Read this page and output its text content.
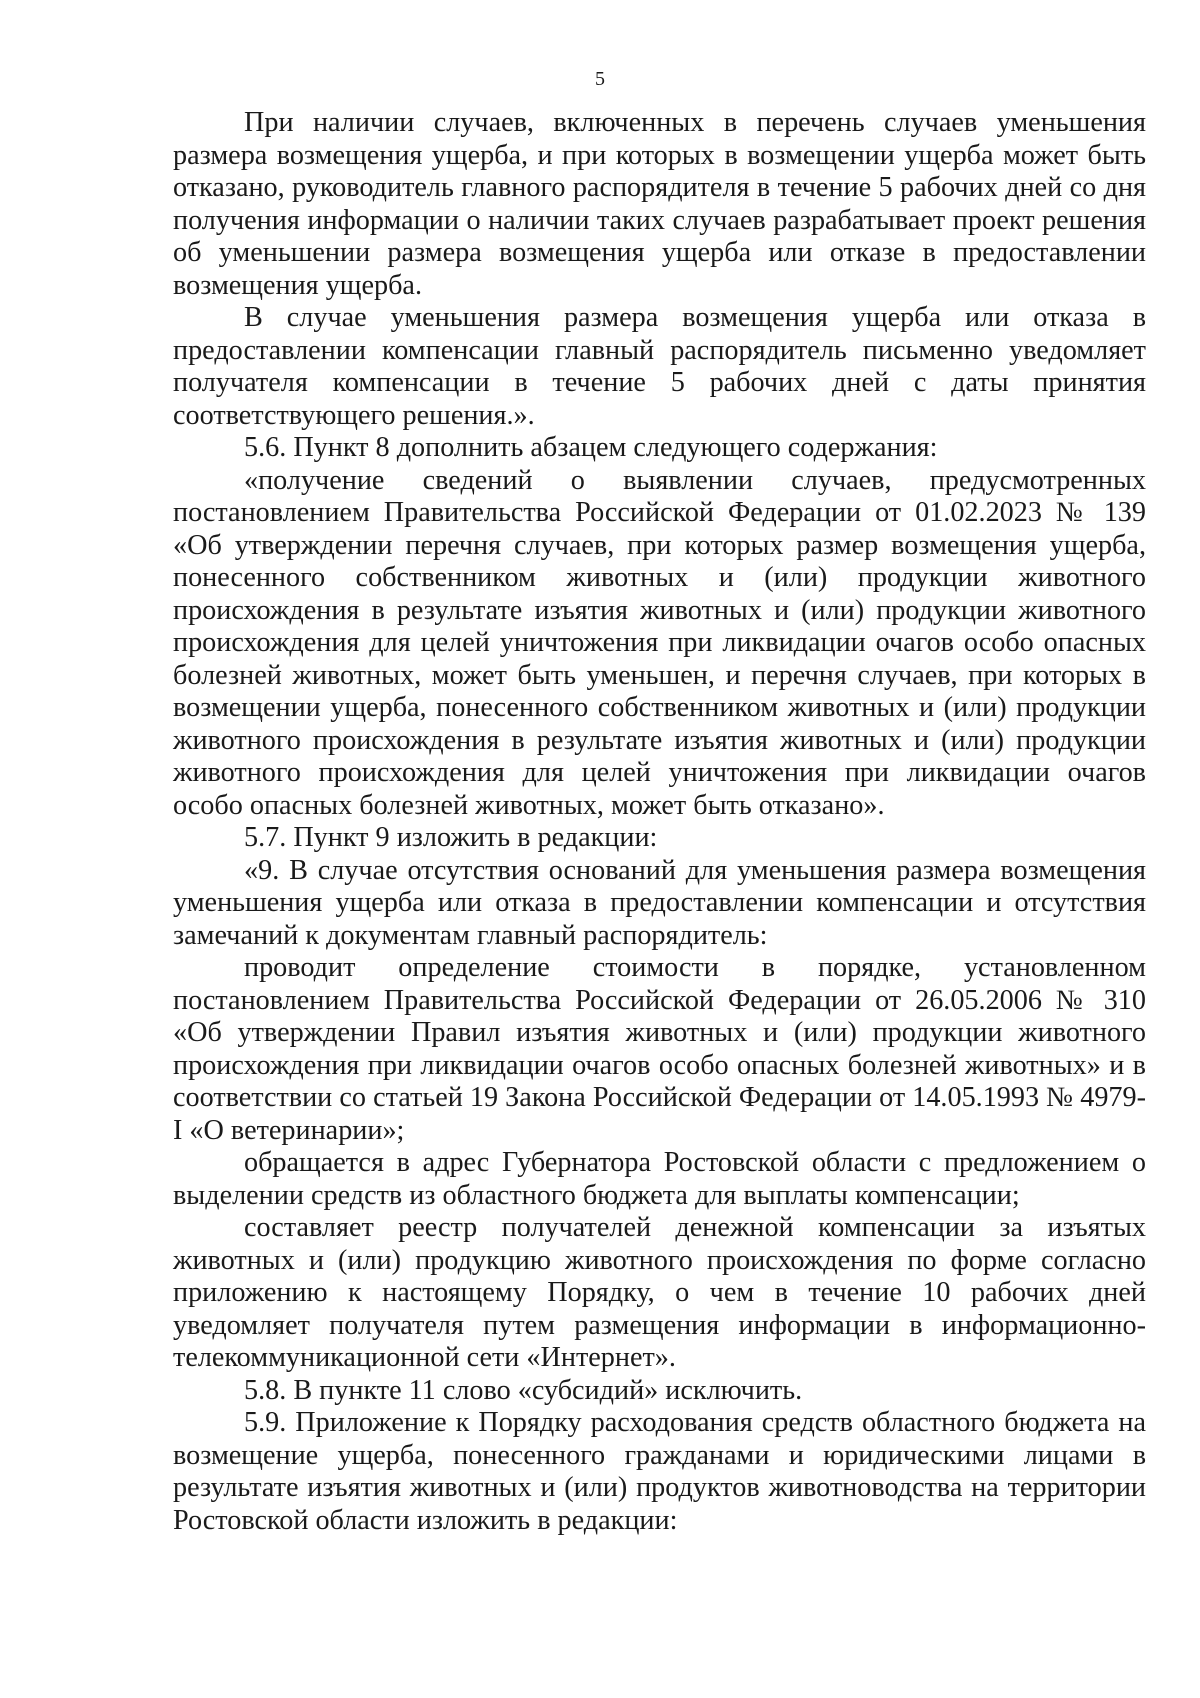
5

При наличии случаев, включенных в перечень случаев уменьшения размера возмещения ущерба, и при которых в возмещении ущерба может быть отказано, руководитель главного распорядителя в течение 5 рабочих дней со дня получения информации о наличии таких случаев разрабатывает проект решения об уменьшении размера возмещения ущерба или отказе в предоставлении возмещения ущерба.

В случае уменьшения размера возмещения ущерба или отказа в предоставлении компенсации главный распорядитель письменно уведомляет получателя компенсации в течение 5 рабочих дней с даты принятия соответствующего решения.».

5.6. Пункт 8 дополнить абзацем следующего содержания:

«получение сведений о выявлении случаев, предусмотренных постановлением Правительства Российской Федерации от 01.02.2023 № 139 «Об утверждении перечня случаев, при которых размер возмещения ущерба, понесенного собственником животных и (или) продукции животного происхождения в результате изъятия животных и (или) продукции животного происхождения для целей уничтожения при ликвидации очагов особо опасных болезней животных, может быть уменьшен, и перечня случаев, при которых в возмещении ущерба, понесенного собственником животных и (или) продукции животного происхождения в результате изъятия животных и (или) продукции животного происхождения для целей уничтожения при ликвидации очагов особо опасных болезней животных, может быть отказано».

5.7. Пункт 9 изложить в редакции:

«9. В случае отсутствия оснований для уменьшения размера возмещения уменьшения ущерба или отказа в предоставлении компенсации и отсутствия замечаний к документам главный распорядитель:

проводит определение стоимости в порядке, установленном постановлением Правительства Российской Федерации от 26.05.2006 № 310 «Об утверждении Правил изъятия животных и (или) продукции животного происхождения при ликвидации очагов особо опасных болезней животных» и в соответствии со статьей 19 Закона Российской Федерации от 14.05.1993 № 4979-I «О ветеринарии»;

обращается в адрес Губернатора Ростовской области с предложением о выделении средств из областного бюджета для выплаты компенсации;

составляет реестр получателей денежной компенсации за изъятых животных и (или) продукцию животного происхождения по форме согласно приложению к настоящему Порядку, о чем в течение 10 рабочих дней уведомляет получателя путем размещения информации в информационно-телекоммуникационной сети «Интернет».

5.8. В пункте 11 слово «субсидий» исключить.

5.9. Приложение к Порядку расходования средств областного бюджета на возмещение ущерба, понесенного гражданами и юридическими лицами в результате изъятия животных и (или) продуктов животноводства на территории Ростовской области изложить в редакции:
